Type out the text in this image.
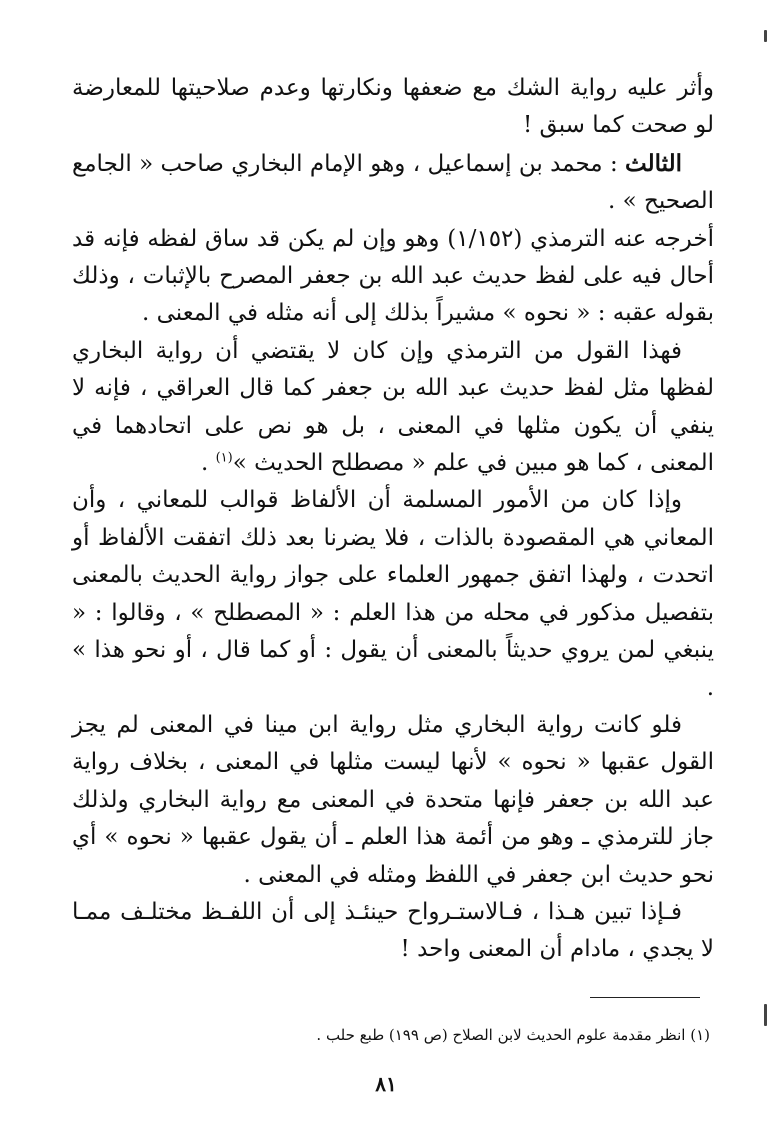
وأثر عليه رواية الشك مع ضعفها ونكارتها وعدم صلاحيتها للمعارضة لو صحت كما سبق !

الثالث : محمد بن إسماعيل ، وهو الإمام البخاري صاحب « الجامع الصحيح » .

أخرجه عنه الترمذي (١/١٥٢) وهو وإن لم يكن قد ساق لفظه فإنه قد أحال فيه على لفظ حديث عبد الله بن جعفر المصرح بالإثبات ، وذلك بقوله عقبه : « نحوه » مشيراً بذلك إلى أنه مثله في المعنى .

فهذا القول من الترمذي وإن كان لا يقتضي أن رواية البخاري لفظها مثل لفظ حديث عبد الله بن جعفر كما قال العراقي ، فإنه لا ينفي أن يكون مثلها في المعنى ، بل هو نص على اتحادهما في المعنى ، كما هو مبين في علم « مصطلح الحديث »$^{(١)}$ .

وإذا كان من الأمور المسلمة أن الألفاظ قوالب للمعاني ، وأن المعاني هي المقصودة بالذات ، فلا يضرنا بعد ذلك اتفقت الألفاظ أو اتحدت ، ولهذا اتفق جمهور العلماء على جواز رواية الحديث بالمعنى بتفصيل مذكور في محله من هذا العلم : « المصطلح » ، وقالوا : « ينبغي لمن يروي حديثاً بالمعنى أن يقول : أو كما قال ، أو نحو هذا » .

فلو كانت رواية البخاري مثل رواية ابن مينا في المعنى لم يجز القول عقبها « نحوه » لأنها ليست مثلها في المعنى ، بخلاف رواية عبد الله بن جعفر فإنها متحدة في المعنى مع رواية البخاري ولذلك جاز للترمذي ـ وهو من أئمة هذا العلم ـ أن يقول عقبها « نحوه » أي نحو حديث ابن جعفر في اللفظ ومثله في المعنى .

فـإذا تبين هـذا ، فـالاستـرواح حينئـذ إلى أن اللفـظ مختلـف ممـا لا يجدي ، مادام أن المعنى واحد !

(١) انظر مقدمة علوم الحديث لابن الصلاح (ص ١٩٩) طبع حلب .
٨١
